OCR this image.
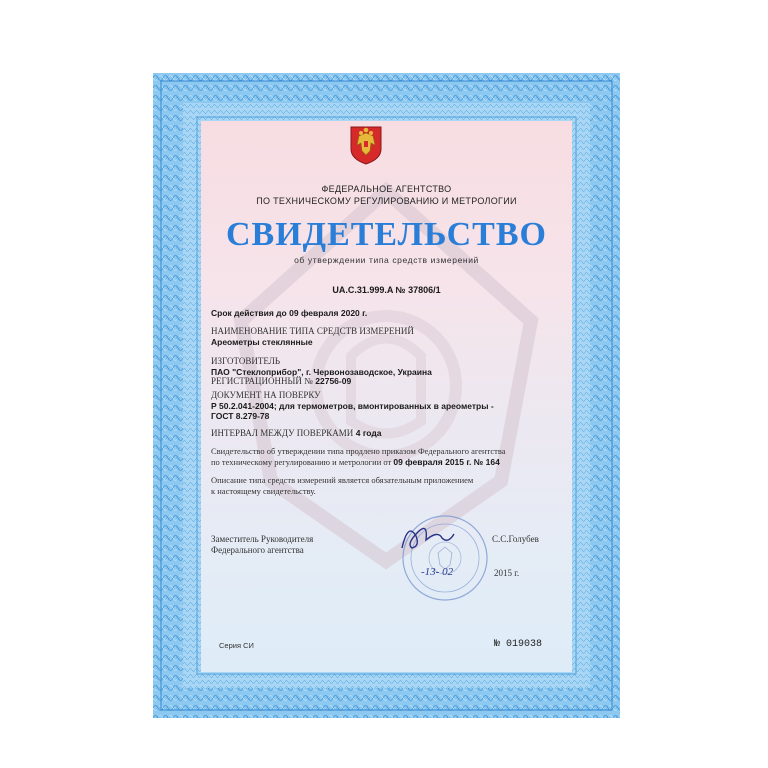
ФЕДЕРАЛЬНОЕ АГЕНТСТВО
ПО ТЕХНИЧЕСКОМУ РЕГУЛИРОВАНИЮ И МЕТРОЛОГИИ
СВИДЕТЕЛЬСТВО
об утверждении типа средств измерений
UA.C.31.999.A № 37806/1
Срок действия до 09 февраля 2020 г.
НАИМЕНОВАНИЕ ТИПА СРЕДСТВ ИЗМЕРЕНИЙ
Ареометры стеклянные
ИЗГОТОВИТЕЛЬ
ПАО "Стеклоприбор", г. Червонозаводское, Украина
РЕГИСТРАЦИОННЫЙ № 22756-09
ДОКУМЕНТ НА ПОВЕРКУ
Р 50.2.041-2004; для термометров, вмонтированных в ареометры -
ГОСТ 8.279-78
ИНТЕРВАЛ МЕЖДУ ПОВЕРКАМИ 4 года
Свидетельство об утверждении типа продлено приказом Федерального агентства
по техническому регулированию и метрологии от 09 февраля 2015 г. № 164
Описание типа средств измерений является обязательным приложением
к настоящему свидетельству.
Заместитель Руководителя
Федерального агентства
С.С.Голубев
-13- 02	2015 г.
Серия СИ	№ 019038
